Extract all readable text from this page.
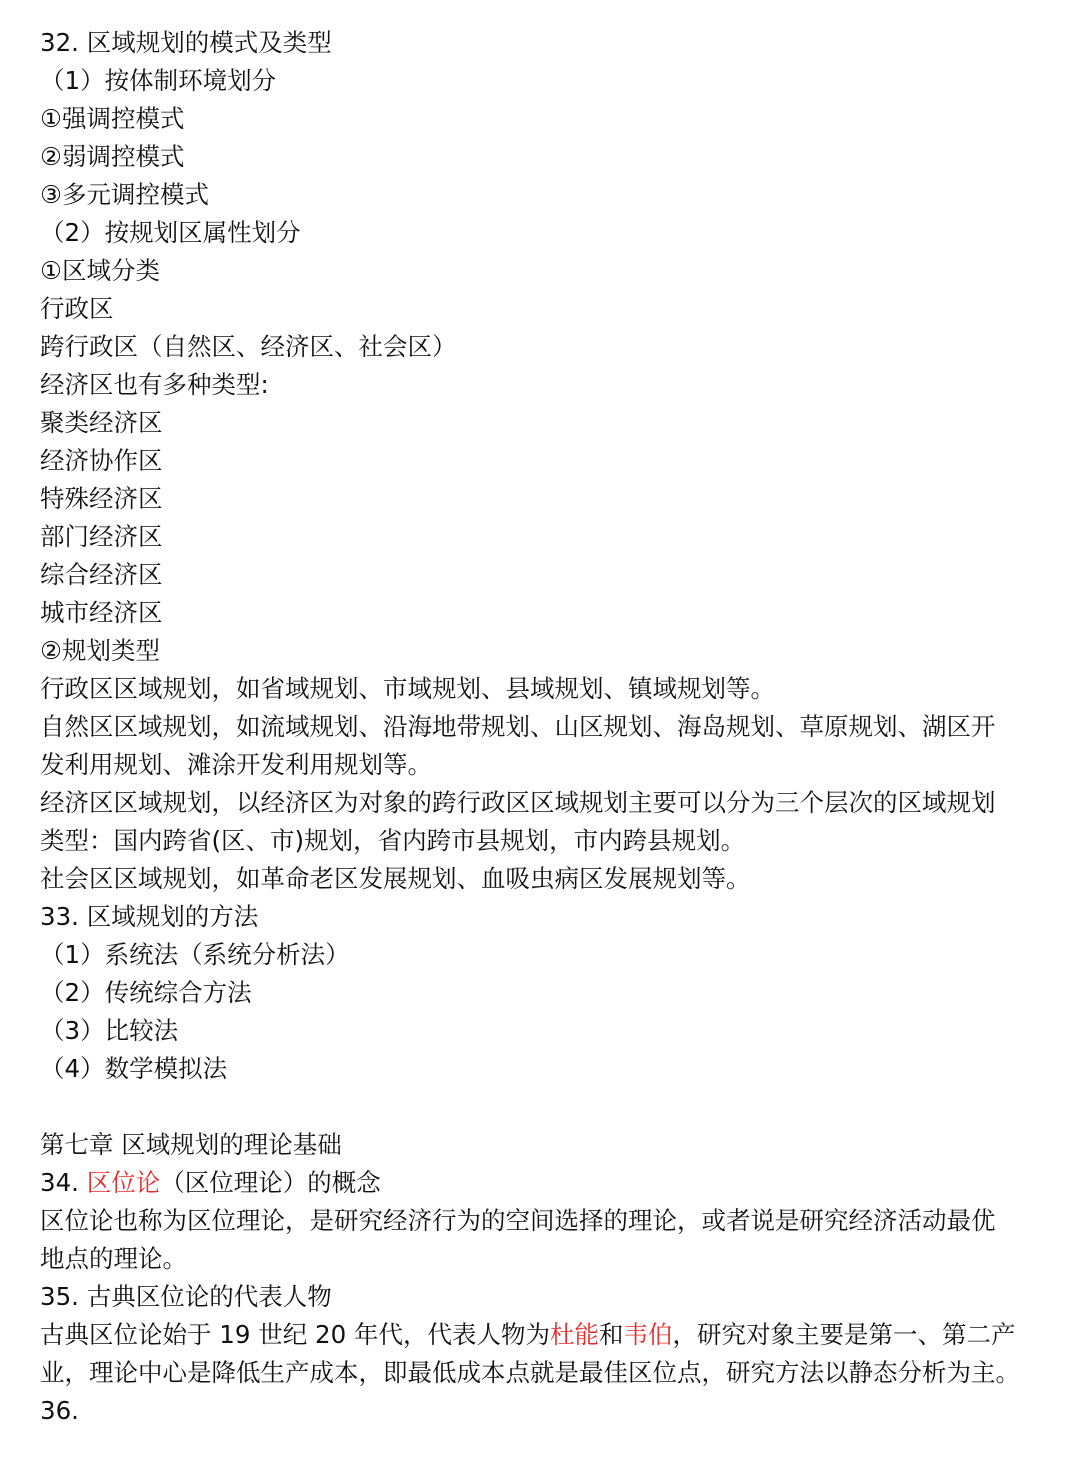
32. 区域规划的模式及类型
（1）按体制环境划分
①强调控模式
②弱调控模式
③多元调控模式
（2）按规划区属性划分
①区域分类
行政区
跨行政区（自然区、经济区、社会区）
经济区也有多种类型:
聚类经济区
经济协作区
特殊经济区
部门经济区
综合经济区
城市经济区
②规划类型
行政区区域规划，如省域规划、市域规划、县域规划、镇域规划等。
自然区区域规划，如流域规划、沿海地带规划、山区规划、海岛规划、草原规划、湖区开
发利用规划、滩涂开发利用规划等。
经济区区域规划，以经济区为对象的跨行政区区域规划主要可以分为三个层次的区域规划
类型：国内跨省(区、市)规划，省内跨市县规划，市内跨县规划。
社会区区域规划，如革命老区发展规划、血吸虫病区发展规划等。
33. 区域规划的方法
（1）系统法（系统分析法）
（2）传统综合方法
（3）比较法
（4）数学模拟法
第七章 区域规划的理论基础
34. 区位论（区位理论）的概念
区位论也称为区位理论，是研究经济行为的空间选择的理论，或者说是研究经济活动最优
地点的理论。
35. 古典区位论的代表人物
古典区位论始于 19 世纪 20 年代，代表人物为杜能和韦伯，研究对象主要是第一、第二产
业，理论中心是降低生产成本，即最低成本点就是最佳区位点，研究方法以静态分析为主。
36.
